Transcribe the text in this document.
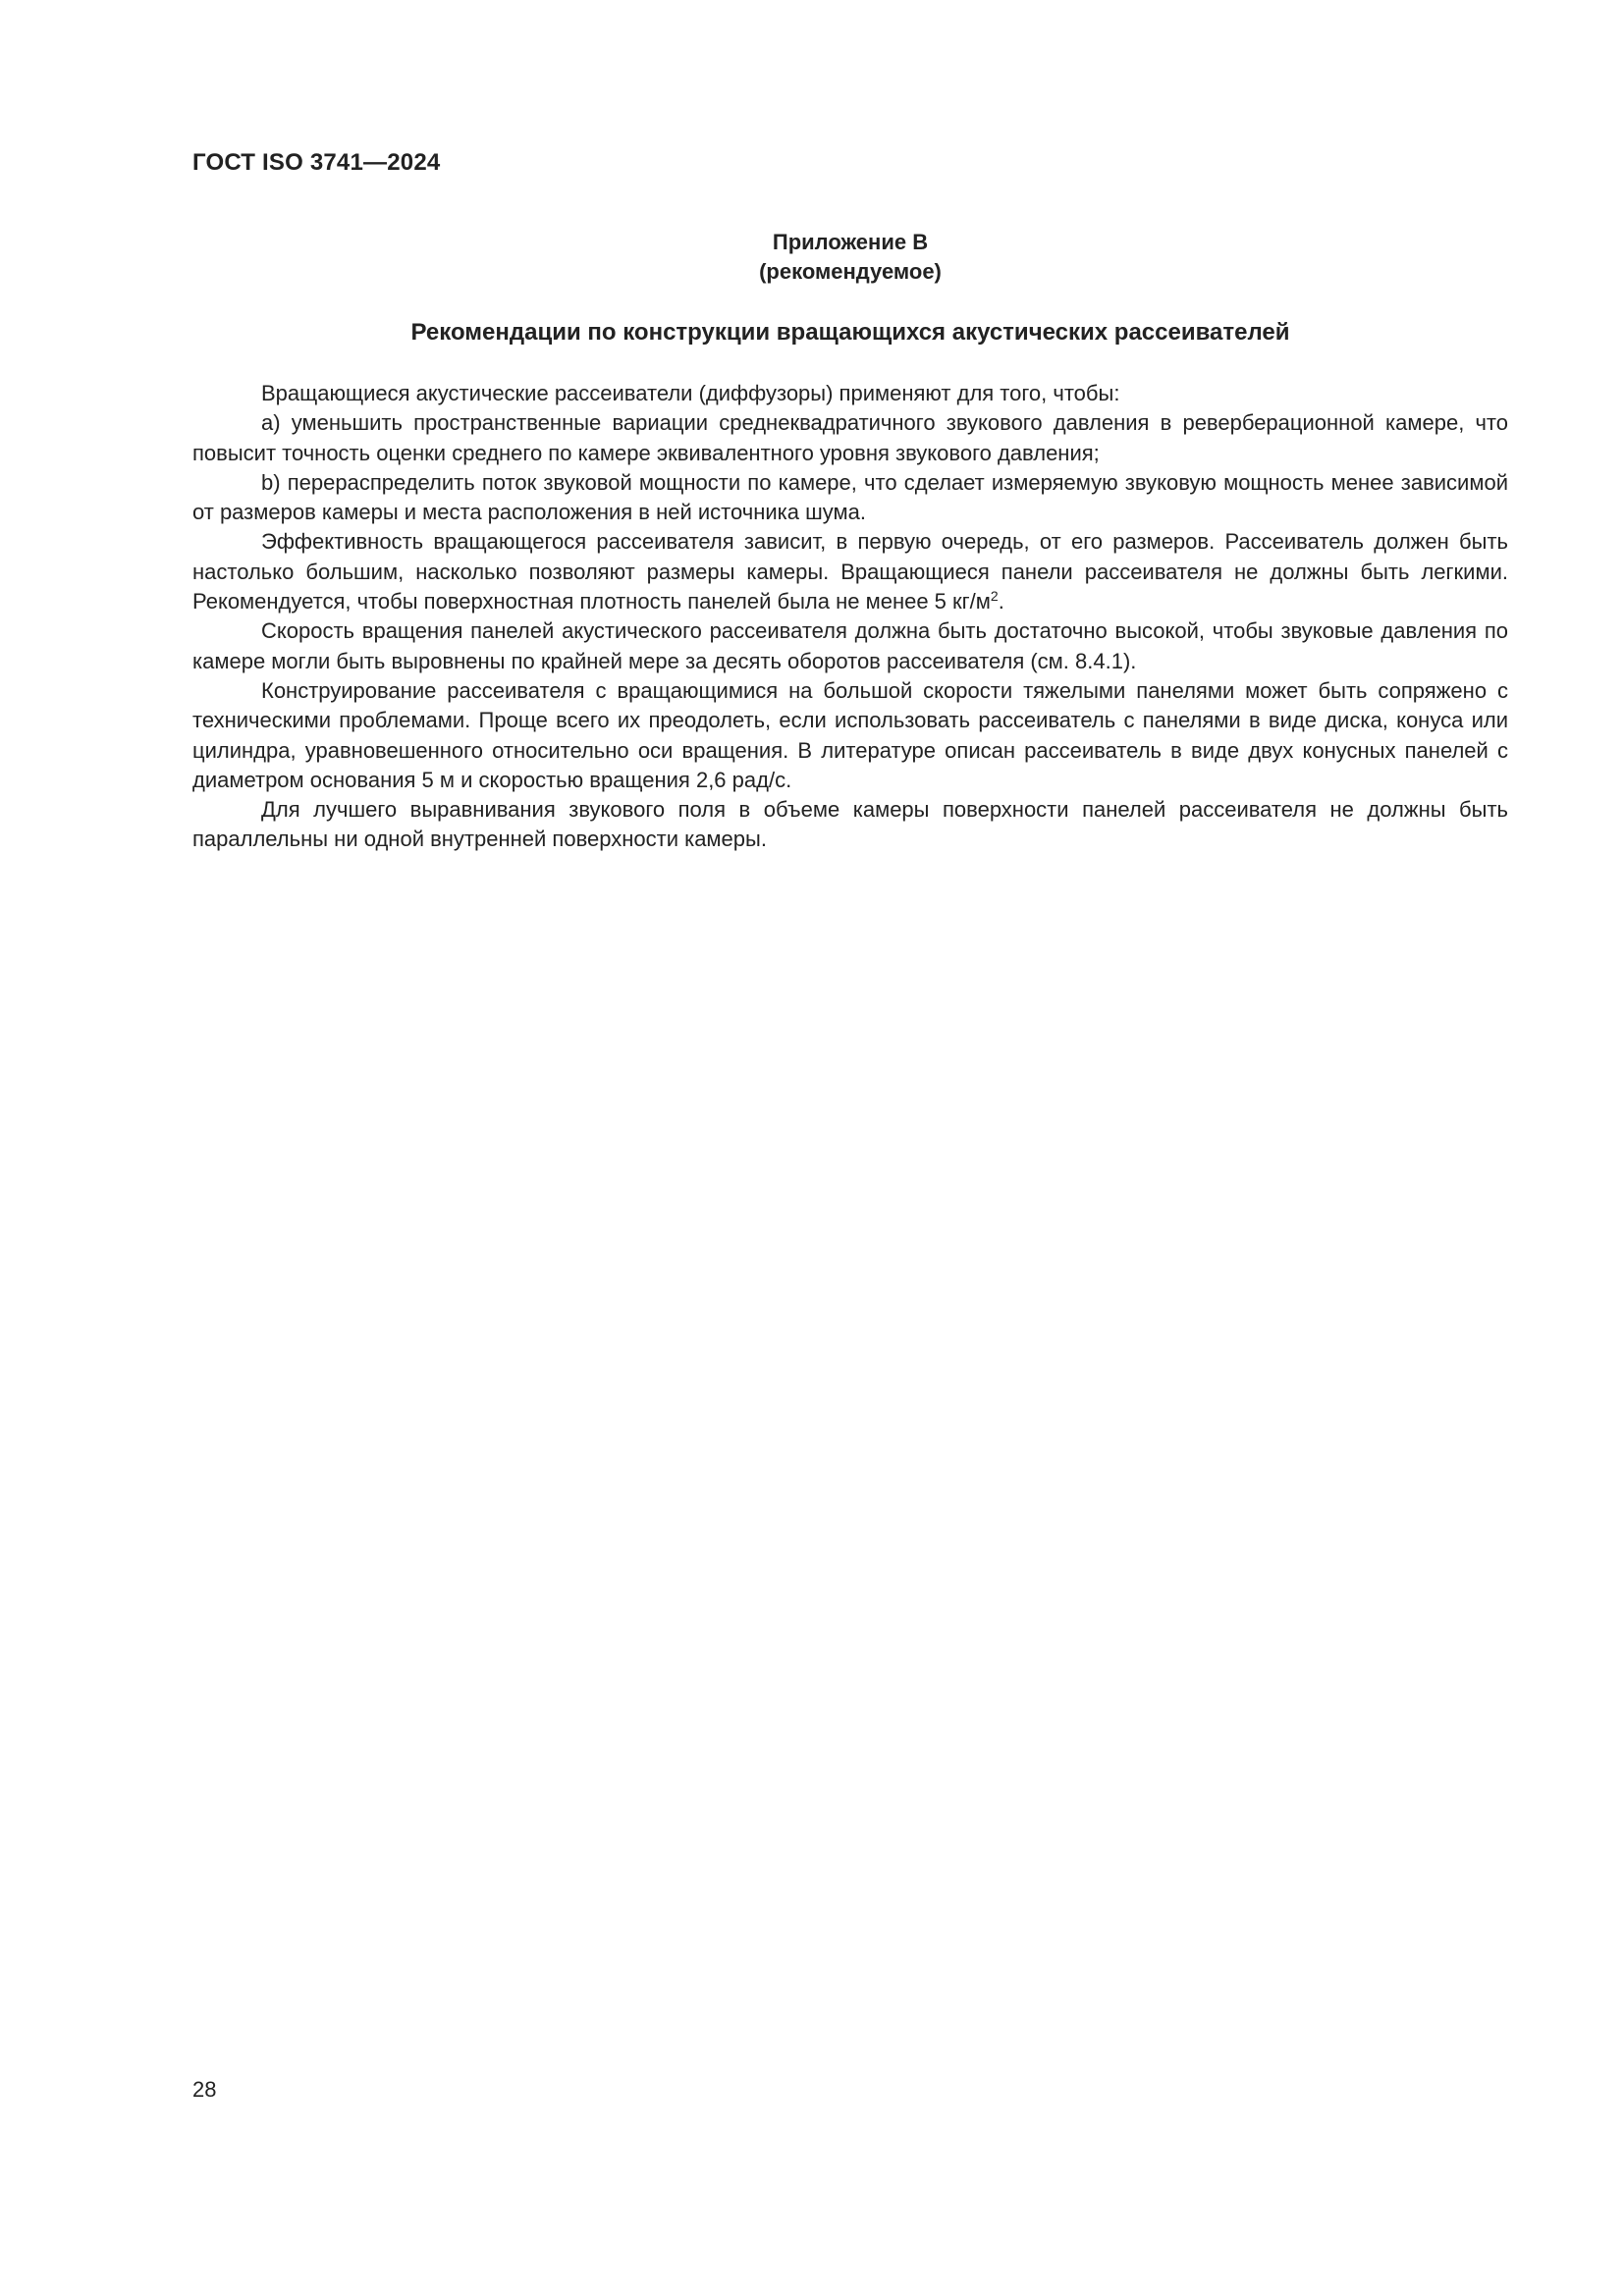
ГОСТ ISO 3741—2024
Приложение В
(рекомендуемое)
Рекомендации по конструкции вращающихся акустических рассеивателей

Вращающиеся акустические рассеиватели (диффузоры) применяют для того, чтобы:

а) уменьшить пространственные вариации среднеквадратичного звукового давления в реверберационной камере, что повысит точность оценки среднего по камере эквивалентного уровня звукового давления;

b) перераспределить поток звуковой мощности по камере, что сделает измеряемую звуковую мощность менее зависимой от размеров камеры и места расположения в ней источника шума.

Эффективность вращающегося рассеивателя зависит, в первую очередь, от его размеров. Рассеиватель должен быть настолько большим, насколько позволяют размеры камеры. Вращающиеся панели рассеивателя не должны быть легкими. Рекомендуется, чтобы поверхностная плотность панелей была не менее 5 $кг/м^2$.

Скорость вращения панелей акустического рассеивателя должна быть достаточно высокой, чтобы звуковые давления по камере могли быть выровнены по крайней мере за десять оборотов рассеивателя (см. 8.4.1).

Конструирование рассеивателя с вращающимися на большой скорости тяжелыми панелями может быть сопряжено с техническими проблемами. Проще всего их преодолеть, если использовать рассеиватель с панелями в виде диска, конуса или цилиндра, уравновешенного относительно оси вращения. В литературе описан рассеиватель в виде двух конусных панелей с диаметром основания 5 м и скоростью вращения 2,6 рад/с.

Для лучшего выравнивания звукового поля в объеме камеры поверхности панелей рассеивателя не должны быть параллельны ни одной внутренней поверхности камеры.

28
